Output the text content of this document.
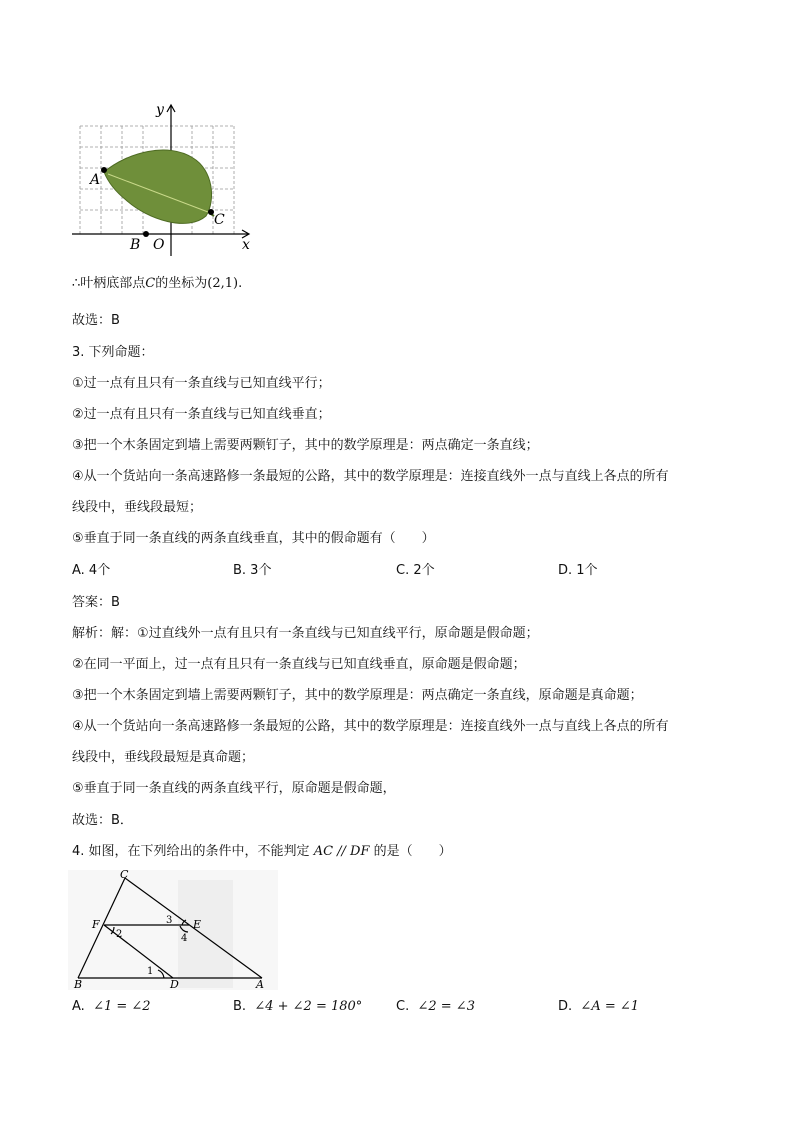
A
C
B O	x
y
∴叶柄底部点C的坐标为(2,1).
故选：B
3. 下列命题：
①过一点有且只有一条直线与已知直线平行；
②过一点有且只有一条直线与已知直线垂直；
③把一个木条固定到墙上需要两颗钉子，其中的数学原理是：两点确定一条直线；
④从一个货站向一条高速路修一条最短的公路，其中的数学原理是：连接直线外一点与直线上各点的所有
线段中，垂线段最短；
⑤垂直于同一条直线的两条直线垂直，其中的假命题有（　　）
A. 4个	B. 3个	C. 2个	D. 1个
答案：B
解析：解：①过直线外一点有且只有一条直线与已知直线平行，原命题是假命题；
②在同一平面上，过一点有且只有一条直线与已知直线垂直，原命题是假命题；
③把一个木条固定到墙上需要两颗钉子，其中的数学原理是：两点确定一条直线，原命题是真命题；
④从一个货站向一条高速路修一条最短的公路，其中的数学原理是：连接直线外一点与直线上各点的所有
线段中，垂线段最短是真命题；
⑤垂直于同一条直线的两条直线平行，原命题是假命题，
故选：B．
4. 如图，在下列给出的条件中，不能判定 AC // DF 的是（　　）
C
F	E
B	D	A
1
2
3
4
A. ∠1 = ∠2	B. ∠4 + ∠2 = 180°	C. ∠2 = ∠3	D. ∠A = ∠1
